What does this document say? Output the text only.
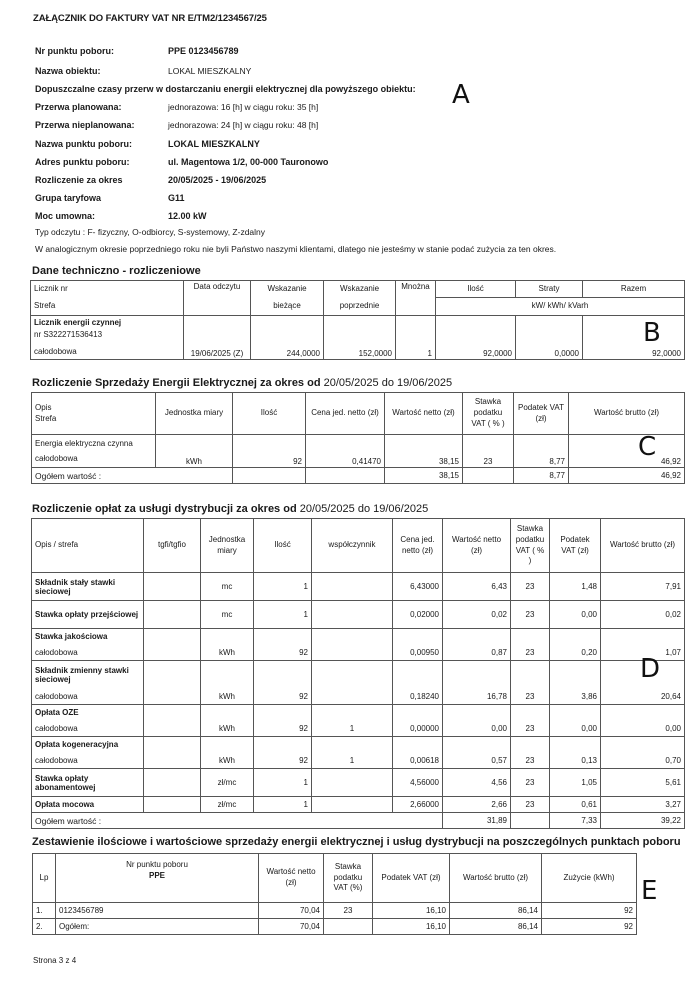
ZAŁĄCZNIK DO FAKTURY VAT NR E/TM2/1234567/25
Nr punktu poboru:	PPE 0123456789
Nazwa obiektu:	LOKAL MIESZKALNY
Dopuszczalne czasy przerw w dostarczaniu energii elektrycznej dla powyższego obiektu:
Przerwa planowana:	jednorazowa: 16 [h] w ciągu roku: 35 [h]
Przerwa nieplanowana:	jednorazowa: 24 [h] w ciągu roku: 48 [h]
Nazwa punktu poboru:	LOKAL MIESZKALNY
Adres punktu poboru:	ul. Magentowa 1/2, 00-000 Tauronowo
Rozliczenie za okres	20/05/2025 - 19/06/2025
Grupa taryfowa	G11
Moc umowna:	12.00 kW
Typ odczytu : F- fizyczny, O-odbiorcy, S-systemowy, Z-zdalny
W analogicznym okresie poprzedniego roku nie byli Państwo naszymi klientami, dlatego nie jesteśmy w stanie podać zużycia za ten okres.
A
Dane techniczno - rozliczeniowe
Licznik nr	Data odczytu	Wskazanie	Wskazanie	Mnożna	Ilość	Straty	Razem
Strefa		bieżące	poprzednie		kW/ kWh/ kVarh		

Licznik energii czynnej
nr S322271536413
całodobowa	19/06/2025 (Z)	244,0000	152,0000	1	92,0000	0,0000	92,0000
B
Rozliczenie Sprzedaży Energii Elektrycznej za okres od 20/05/2025 do 19/06/2025
Opis
Strefa	Jednostka miary	Ilość	Cena jed. netto (zł)	Wartość netto (zł)	Stawka podatku VAT ( % )	Podatek VAT (zł)	Wartość brutto (zł)

Energia elektryczna czynna
całodobowa	kWh	92	0,41470	38,15	23	8,77	46,92
Ogółem wartość :				38,15		8,77	46,92
C
Rozliczenie opłat za usługi dystrybucji za okres od 20/05/2025 do 19/06/2025
Opis / strefa	tgfi/tgfio	Jednostka miary	Ilość	współczynnik	Cena jed. netto (zł)	Wartość netto (zł)	Stawka podatku VAT ( % )	Podatek VAT (zł)	Wartość brutto (zł)
Składnik stały stawki sieciowej		mc	1		6,43000	6,43	23	1,48	7,91
Stawka opłaty przejściowej		mc	1		0,02000	0,02	23	0,00	0,02
Stawka jakościowa									
całodobowa		kWh	92		0,00950	0,87	23	0,20	1,07
Składnik zmienny stawki sieciowej									
całodobowa		kWh	92		0,18240	16,78	23	3,86	20,64
Opłata OZE									
całodobowa		kWh	92	1	0,00000	0,00	23	0,00	0,00
Opłata kogeneracyjna									
całodobowa		kWh	92	1	0,00618	0,57	23	0,13	0,70
Stawka opłaty abonamentowej		zł/mc	1		4,56000	4,56	23	1,05	5,61
Opłata mocowa		zł/mc	1		2,66000	2,66	23	0,61	3,27
Ogółem wartość :						31,89		7,33	39,22
D
Zestawienie ilościowe i wartościowe sprzedaży energii elektrycznej i usług dystrybucji na poszczególnych punktach poboru
Lp	Nr punktu poboru
PPE	Wartość netto (zł)	Stawka podatku VAT (%)	Podatek VAT (zł)	Wartość brutto (zł)	Zużycie (kWh)
1.	0123456789	70,04	23	16,10	86,14	92
2.	Ogółem:	70,04		16,10	86,14	92
E
Strona 3 z 4
